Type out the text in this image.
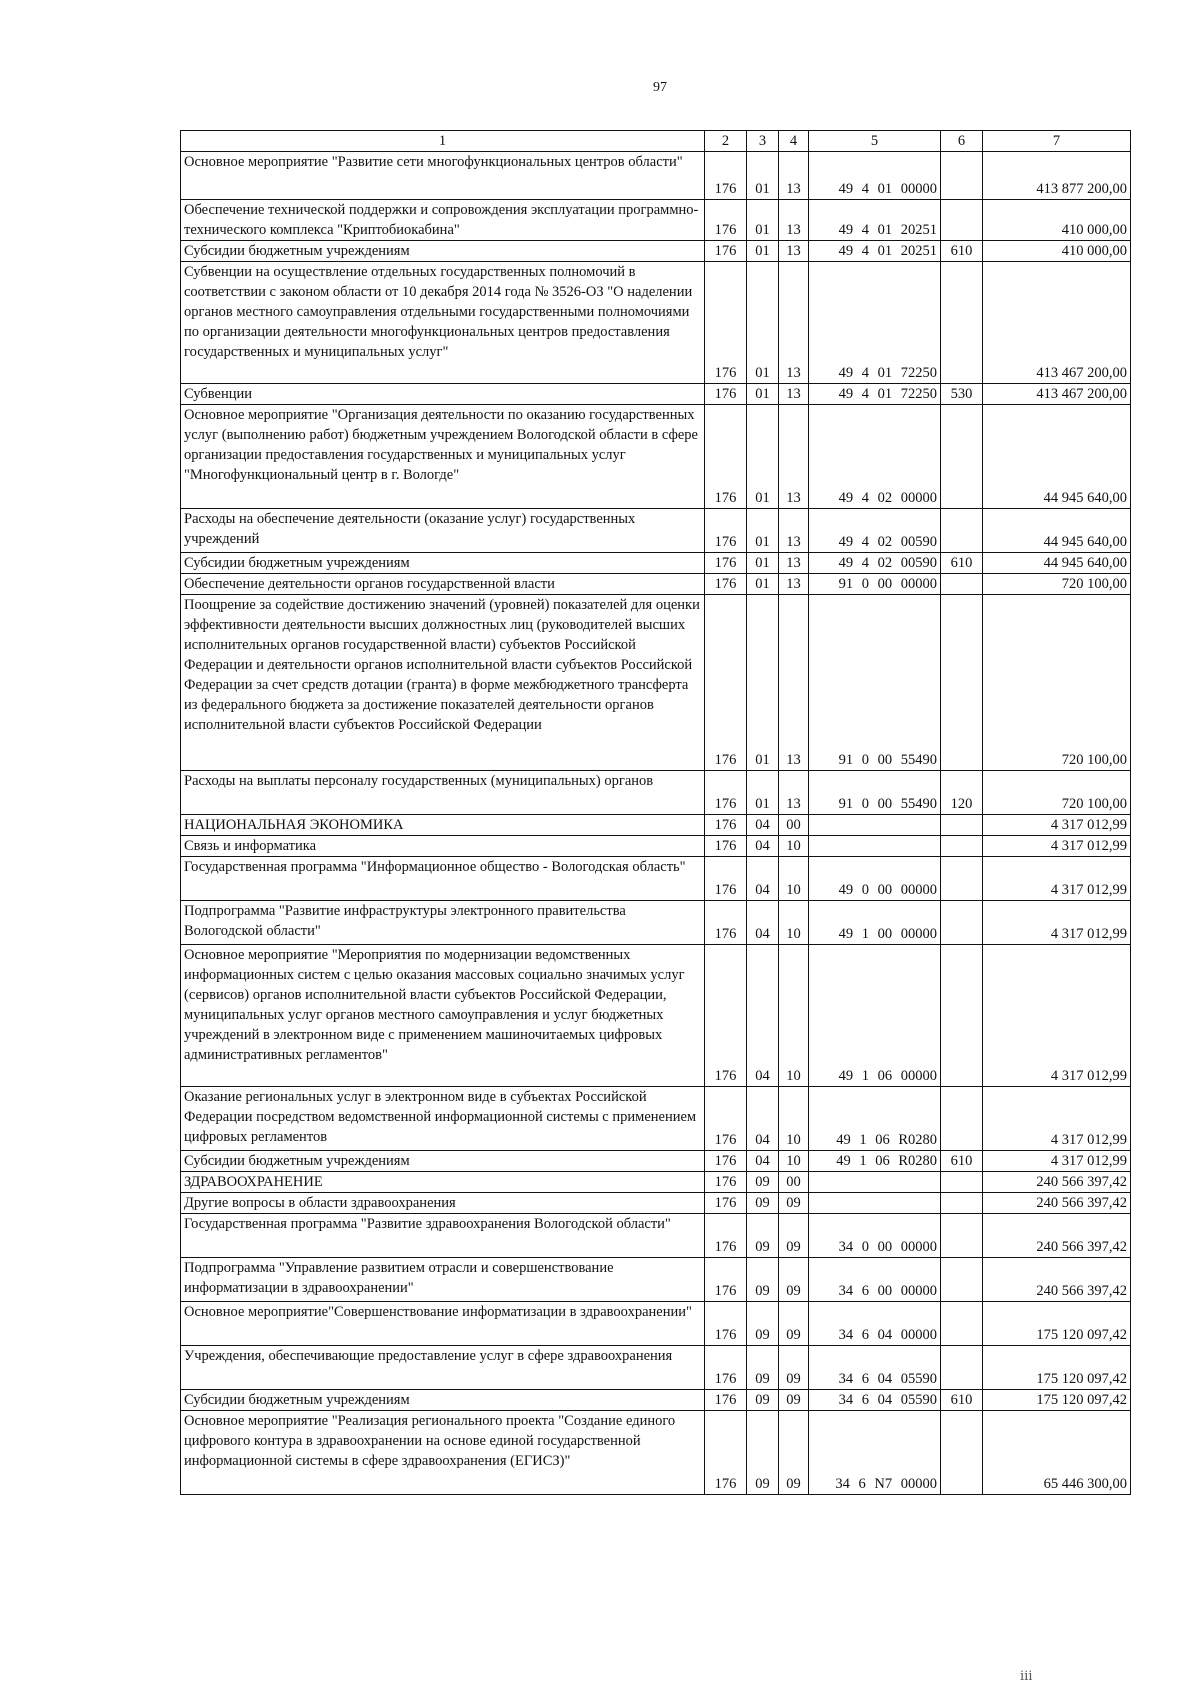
97
1	2	3	4	5	6	7
Основное мероприятие "Развитие сети многофункциональных центров области"	176	01	13	49 4 01 00000		413 877 200,00
Обеспечение технической поддержки и сопровождения эксплуатации программно-технического комплекса "Криптобиокабина"	176	01	13	49 4 01 20251		410 000,00
Субсидии бюджетным учреждениям	176	01	13	49 4 01 20251	610	410 000,00
Субвенции на осуществление отдельных государственных полномочий в соответствии с законом области от 10 декабря 2014 года № 3526-ОЗ "О наделении органов местного самоуправления отдельными государственными полномочиями по организации деятельности многофункциональных центров предоставления государственных и муниципальных услуг"	176	01	13	49 4 01 72250		413 467 200,00
Субвенции	176	01	13	49 4 01 72250	530	413 467 200,00
Основное мероприятие "Организация деятельности по оказанию государственных услуг (выполнению работ) бюджетным учреждением Вологодской области в сфере организации предоставления государственных и муниципальных услуг "Многофункциональный центр в г. Вологде"	176	01	13	49 4 02 00000		44 945 640,00
Расходы на обеспечение деятельности (оказание услуг) государственных учреждений	176	01	13	49 4 02 00590		44 945 640,00
Субсидии бюджетным учреждениям	176	01	13	49 4 02 00590	610	44 945 640,00
Обеспечение деятельности органов государственной власти	176	01	13	91 0 00 00000		720 100,00
Поощрение за содействие достижению значений (уровней) показателей для оценки эффективности деятельности высших должностных лиц (руководителей высших исполнительных органов государственной власти) субъектов Российской Федерации и деятельности органов исполнительной власти субъектов Российской Федерации за счет средств дотации (гранта) в форме межбюджетного трансферта из федерального бюджета за достижение показателей деятельности органов исполнительной власти субъектов Российской Федерации	176	01	13	91 0 00 55490		720 100,00
Расходы на выплаты персоналу государственных (муниципальных) органов	176	01	13	91 0 00 55490	120	720 100,00
НАЦИОНАЛЬНАЯ ЭКОНОМИКА	176	04	00			4 317 012,99
Связь и информатика	176	04	10			4 317 012,99
Государственная программа "Информационное общество - Вологодская область"	176	04	10	49 0 00 00000		4 317 012,99
Подпрограмма "Развитие инфраструктуры электронного правительства Вологодской области"	176	04	10	49 1 00 00000		4 317 012,99
Основное мероприятие "Мероприятия по модернизации ведомственных информационных систем с целью оказания массовых социально значимых услуг (сервисов) органов исполнительной власти субъектов Российской Федерации, муниципальных услуг органов местного самоуправления и услуг бюджетных учреждений в электронном виде с применением машиночитаемых цифровых административных регламентов"	176	04	10	49 1 06 00000		4 317 012,99
Оказание региональных услуг в электронном виде в субъектах Российской Федерации посредством ведомственной информационной системы с применением цифровых регламентов	176	04	10	49 1 06 R0280		4 317 012,99
Субсидии бюджетным учреждениям	176	04	10	49 1 06 R0280	610	4 317 012,99
ЗДРАВООХРАНЕНИЕ	176	09	00			240 566 397,42
Другие вопросы в области здравоохранения	176	09	09			240 566 397,42
Государственная программа "Развитие здравоохранения Вологодской области"	176	09	09	34 0 00 00000		240 566 397,42
Подпрограмма "Управление развитием отрасли и совершенствование информатизации в здравоохранении"	176	09	09	34 6 00 00000		240 566 397,42
Основное мероприятие"Совершенствование информатизации в здравоохранении"	176	09	09	34 6 04 00000		175 120 097,42
Учреждения, обеспечивающие предоставление услуг в сфере здравоохранения	176	09	09	34 6 04 05590		175 120 097,42
Субсидии бюджетным учреждениям	176	09	09	34 6 04 05590	610	175 120 097,42
Основное мероприятие "Реализация регионального проекта "Создание единого цифрового контура в здравоохранении на основе единой государственной информационной системы в сфере здравоохранения (ЕГИСЗ)"	176	09	09	34 6 N7 00000		65 446 300,00
ⅲ
